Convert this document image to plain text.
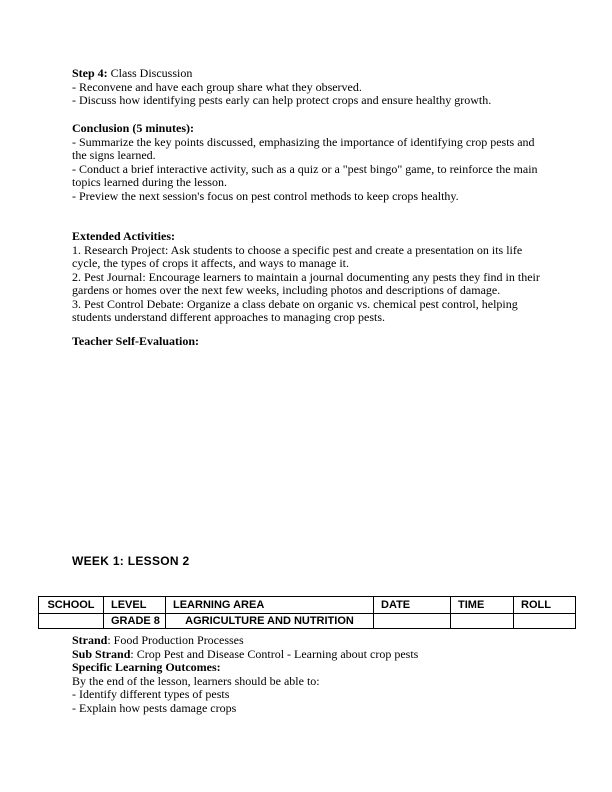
Step 4: Class Discussion
- Reconvene and have each group share what they observed.
- Discuss how identifying pests early can help protect crops and ensure healthy growth.
Conclusion (5 minutes):
- Summarize the key points discussed, emphasizing the importance of identifying crop pests and the signs learned.
- Conduct a brief interactive activity, such as a quiz or a "pest bingo" game, to reinforce the main topics learned during the lesson.
- Preview the next session's focus on pest control methods to keep crops healthy.
Extended Activities:
1. Research Project: Ask students to choose a specific pest and create a presentation on its life cycle, the types of crops it affects, and ways to manage it.
2. Pest Journal: Encourage learners to maintain a journal documenting any pests they find in their gardens or homes over the next few weeks, including photos and descriptions of damage.
3. Pest Control Debate: Organize a class debate on organic vs. chemical pest control, helping students understand different approaches to managing crop pests.
Teacher Self-Evaluation:
WEEK 1: LESSON 2
SCHOOL	LEVEL	LEARNING AREA	DATE	TIME	ROLL
	GRADE 8	AGRICULTURE AND NUTRITION			
Strand: Food Production Processes
Sub Strand: Crop Pest and Disease Control - Learning about crop pests
Specific Learning Outcomes:
By the end of the lesson, learners should be able to:
- Identify different types of pests
- Explain how pests damage crops
